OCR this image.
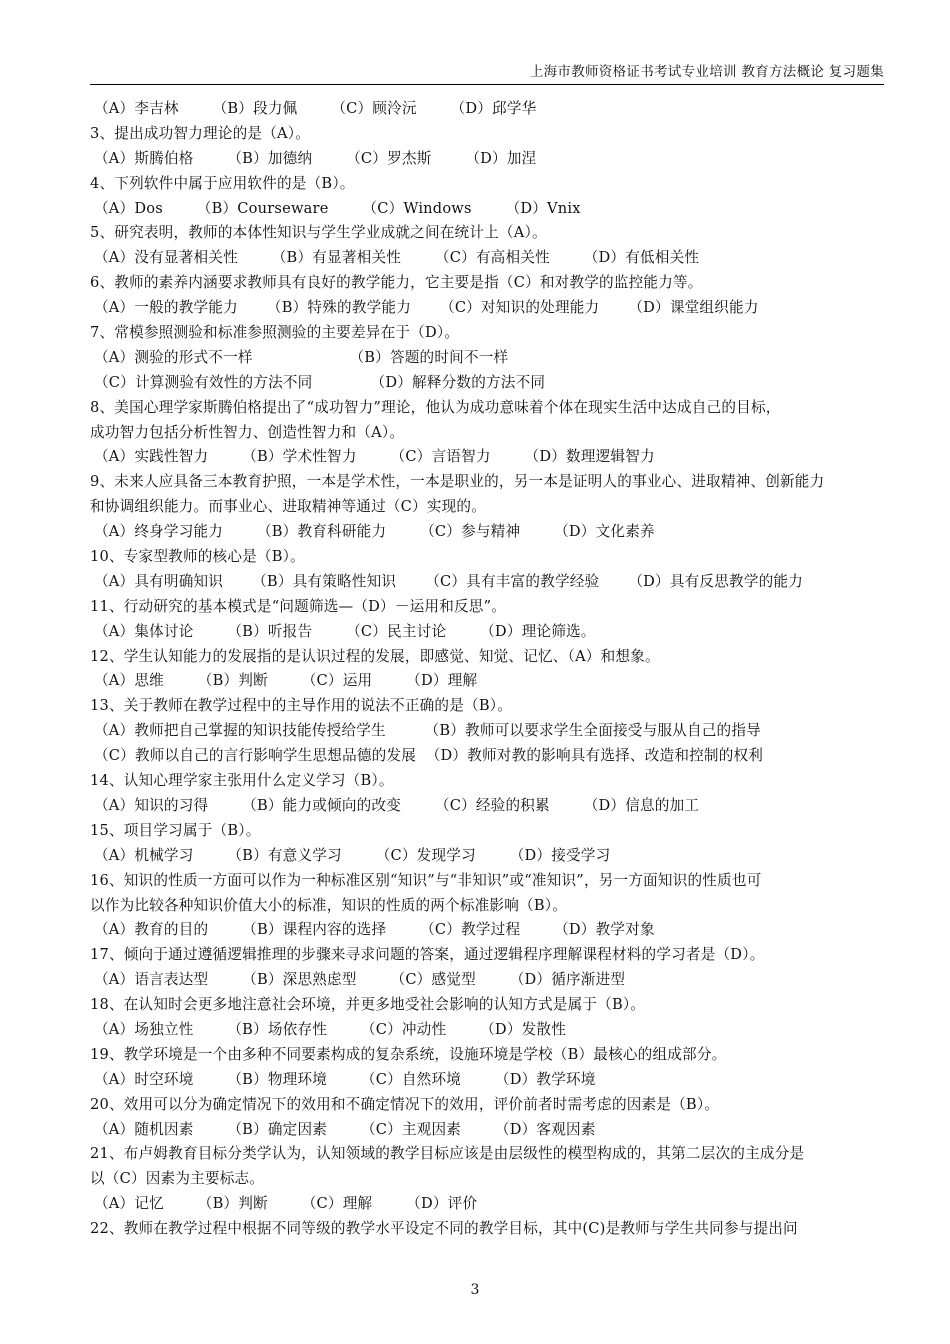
上海市教师资格证书考试专业培训 教育方法概论 复习题集
（A）李吉林       （B）段力佩       （C）顾泠沅       （D）邱学华
3、提出成功智力理论的是（A）。
（A）斯腾伯格       （B）加德纳       （C）罗杰斯       （D）加涅
4、下列软件中属于应用软件的是（B）。
（A）Dos       （B）Courseware       （C）Windows       （D）Vnix
5、研究表明，教师的本体性知识与学生学业成就之间在统计上（A）。
（A）没有显著相关性       （B）有显著相关性       （C）有高相关性       （D）有低相关性
6、教师的素养内涵要求教师具有良好的教学能力，它主要是指（C）和对教学的监控能力等。
（A）一般的教学能力      （B）特殊的教学能力      （C）对知识的处理能力      （D）课堂组织能力
7、常模参照测验和标准参照测验的主要差异在于（D）。
（A）测验的形式不一样                    （B）答题的时间不一样
（C）计算测验有效性的方法不同            （D）解释分数的方法不同
8、美国心理学家斯腾伯格提出了“成功智力”理论，他认为成功意味着个体在现实生活中达成自己的目标，
成功智力包括分析性智力、创造性智力和（A）。
（A）实践性智力       （B）学术性智力       （C）言语智力       （D）数理逻辑智力
9、未来人应具备三本教育护照，一本是学术性，一本是职业的，另一本是证明人的事业心、进取精神、创新能力
和协调组织能力。而事业心、进取精神等通过（C）实现的。
（A）终身学习能力       （B）教育科研能力       （C）参与精神       （D）文化素养
10、专家型教师的核心是（B）。
（A）具有明确知识      （B）具有策略性知识      （C）具有丰富的教学经验      （D）具有反思教学的能力
11、行动研究的基本模式是“问题筛选—（D）－运用和反思”。
（A）集体讨论       （B）听报告       （C）民主讨论       （D）理论筛选。
12、学生认知能力的发展指的是认识过程的发展，即感觉、知觉、记忆、（A）和想象。
（A）思维       （B）判断       （C）运用       （D）理解
13、关于教师在教学过程中的主导作用的说法不正确的是（B）。
（A）教师把自己掌握的知识技能传授给学生        （B）教师可以要求学生全面接受与服从自己的指导
（C）教师以自己的言行影响学生思想品德的发展  （D）教师对教的影响具有选择、改造和控制的权利
14、认知心理学家主张用什么定义学习（B）。
（A）知识的习得       （B）能力或倾向的改变       （C）经验的积累       （D）信息的加工
15、项目学习属于（B）。
（A）机械学习       （B）有意义学习       （C）发现学习       （D）接受学习
16、知识的性质一方面可以作为一种标准区别“知识”与“非知识”或“准知识”，另一方面知识的性质也可
以作为比较各种知识价值大小的标准，知识的性质的两个标准影响（B）。
（A）教育的目的       （B）课程内容的选择       （C）教学过程       （D）教学对象
17、倾向于通过遵循逻辑推理的步骤来寻求问题的答案，通过逻辑程序理解课程材料的学习者是（D）。
（A）语言表达型       （B）深思熟虑型       （C）感觉型       （D）循序渐进型
18、在认知时会更多地注意社会环境，并更多地受社会影响的认知方式是属于（B）。
（A）场独立性       （B）场依存性       （C）冲动性       （D）发散性
19、教学环境是一个由多种不同要素构成的复杂系统，设施环境是学校（B）最核心的组成部分。
（A）时空环境       （B）物理环境       （C）自然环境       （D）教学环境
20、效用可以分为确定情况下的效用和不确定情况下的效用，评价前者时需考虑的因素是（B）。
（A）随机因素       （B）确定因素       （C）主观因素       （D）客观因素
21、布卢姆教育目标分类学认为，认知领域的教学目标应该是由层级性的模型构成的，其第二层次的主成分是
以（C）因素为主要标志。
（A）记忆       （B）判断       （C）理解       （D）评价
22、教师在教学过程中根据不同等级的教学水平设定不同的教学目标，其中(C)是教师与学生共同参与提出问
3
